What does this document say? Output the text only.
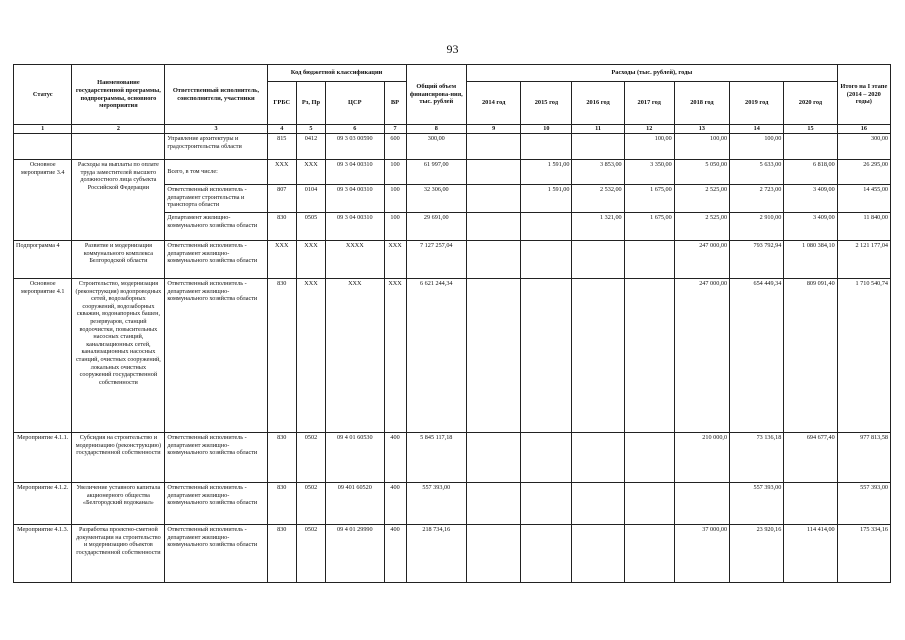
93
Статус	Наименование государственной программы, подпрограммы, основного мероприятия	Ответственный исполнитель, соисполнители, участники	Код бюджетной классификации				Общий объем финансирова-ния, тыс. рублей	Расходы (тыс. рублей), годы							Итого на I этапе (2014 – 2020 годы)
			ГРБС	Рз, Пр	ЦСР	ВР		2014 год	2015 год	2016 год	2017 год	2018 год	2019 год	2020 год	
1	2	3	4	5	6	7	8	9	10	11	12	13	14	15	16
		Управление архитектуры и градостроительства области	815	0412	09 3 03 00590	600	300,00				100,00	100,00	100,00		300,00
Основное мероприятие 3.4	Расходы на выплаты по оплате труда заместителей высшего должностного лица субъекта Российской Федерации	Всего, в том числе:	ХХХ	ХХХ	09 3 04 00310	100	61 997,00		1 591,00	3 853,00	3 350,00	5 050,00	5 633,00	6 818,00	26 295,00
		Ответственный исполнитель - департамент строительства и транспорта области	807	0104	09 3 04 00310	100	32 306,00		1 591,00	2 532,00	1 675,00	2 525,00	2 723,00	3 409,00	14 455,00
		Департамент жилищно-коммунального хозяйства области	830	0505	09 3 04 00310	100	29 691,00			1 321,00	1 675,00	2 525,00	2 910,00	3 409,00	11 840,00
Подпрограмма 4	Развитие и модернизация коммунального комплекса Белгородской области	Ответственный исполнитель - департамент жилищно-коммунального хозяйства области	ХХХ	ХХХ	ХХХХ	ХХХ	7 127 257,04					247 000,00	793 792,94	1 080 384,10	2 121 177,04
Основное мероприятие 4.1	Строительство, модернизация (реконструкция) водопроводных сетей, водозаборных сооружений, водозаборных скважин, водонапорных башен, резервуаров, станций водоочистки, повысительных насосных станций, канализационных сетей, канализационных насосных станций, очистных сооружений, локальных очистных сооружений государственной собственности	Ответственный исполнитель - департамент жилищно-коммунального хозяйства области	830	ХХХ	ХХХ	ХХХ	6 621 244,34					247 000,00	654 449,34	809 091,40	1 710 540,74
Мероприятие 4.1.1.	Субсидия на строительство и модернизацию (реконструкцию) государственной собственности	Ответственный исполнитель - департамент жилищно-коммунального хозяйства области	830	0502	09 4 01 60530	400	5 845 117,18					210 000,0	73 136,18	694 677,40	977 813,58
Мероприятие 4.1.2.	Увеличение уставного капитала акционерного общества «Белгородский водоканал»	Ответственный исполнитель - департамент жилищно-коммунального хозяйства области	830	0502	09 401 60520	400	557 393,00						557 393,00		557 393,00
Мероприятие 4.1.3.	Разработка проектно-сметной документации на строительство и модернизацию объектов государственной собственности	Ответственный исполнитель - департамент жилищно-коммунального хозяйства области	830	0502	09 4 01 29990	400	218 734,16					37 000,00	23 920,16	114 414,00	175 334,16
